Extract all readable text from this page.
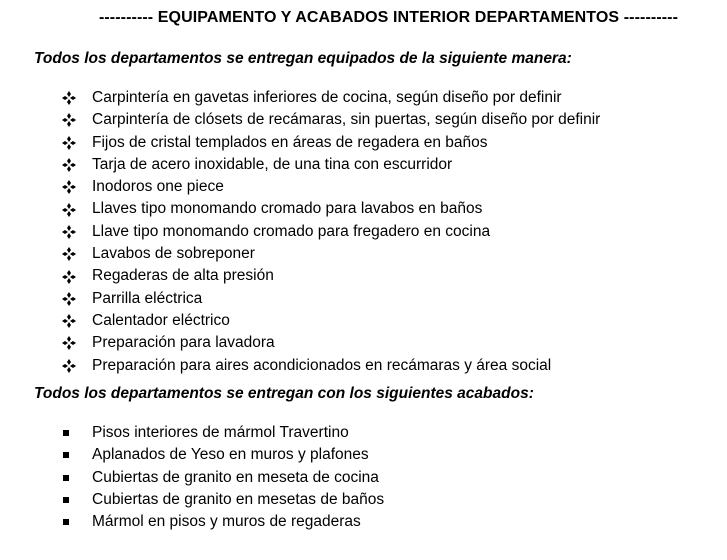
---------- EQUIPAMENTO Y ACABADOS INTERIOR DEPARTAMENTOS ----------
Todos los departamentos se entregan equipados de la siguiente manera:
Carpintería en gavetas inferiores de cocina, según diseño por definir
Carpintería de clósets de recámaras, sin puertas, según diseño por definir
Fijos de cristal templados en áreas de regadera en baños
Tarja de acero inoxidable, de una tina con escurridor
Inodoros one piece
Llaves tipo monomando cromado para lavabos en baños
Llave tipo monomando cromado para fregadero en cocina
Lavabos de sobreponer
Regaderas de alta presión
Parrilla eléctrica
Calentador eléctrico
Preparación para lavadora
Preparación para aires acondicionados en recámaras y área social
Todos los departamentos se entregan con los siguientes acabados:
Pisos interiores de mármol Travertino
Aplanados de Yeso en muros y plafones
Cubiertas de granito en meseta de cocina
Cubiertas de granito en mesetas de baños
Mármol en pisos y muros de regaderas
